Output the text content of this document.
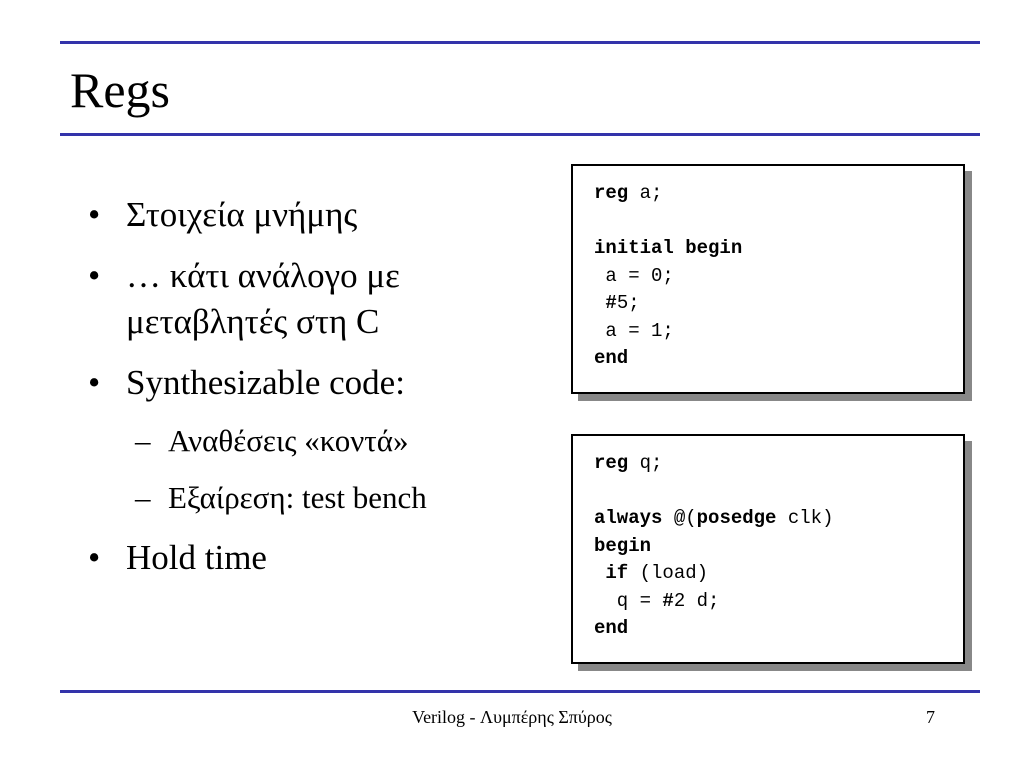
Regs
• Στοιχεία μνήμης
• … κάτι ανάλογο με
μεταβλητές στη C
• Synthesizable code:
– Αναθέσεις «κοντά»
– Εξαίρεση: test bench
• Hold time
reg a;
initial begin
a = 0;
#5;
a = 1;
end
reg q;
always @(posedge clk)
begin
if (load)
q = #2 d;
end
Verilog - Λυμπέρης Σπύρος	7
